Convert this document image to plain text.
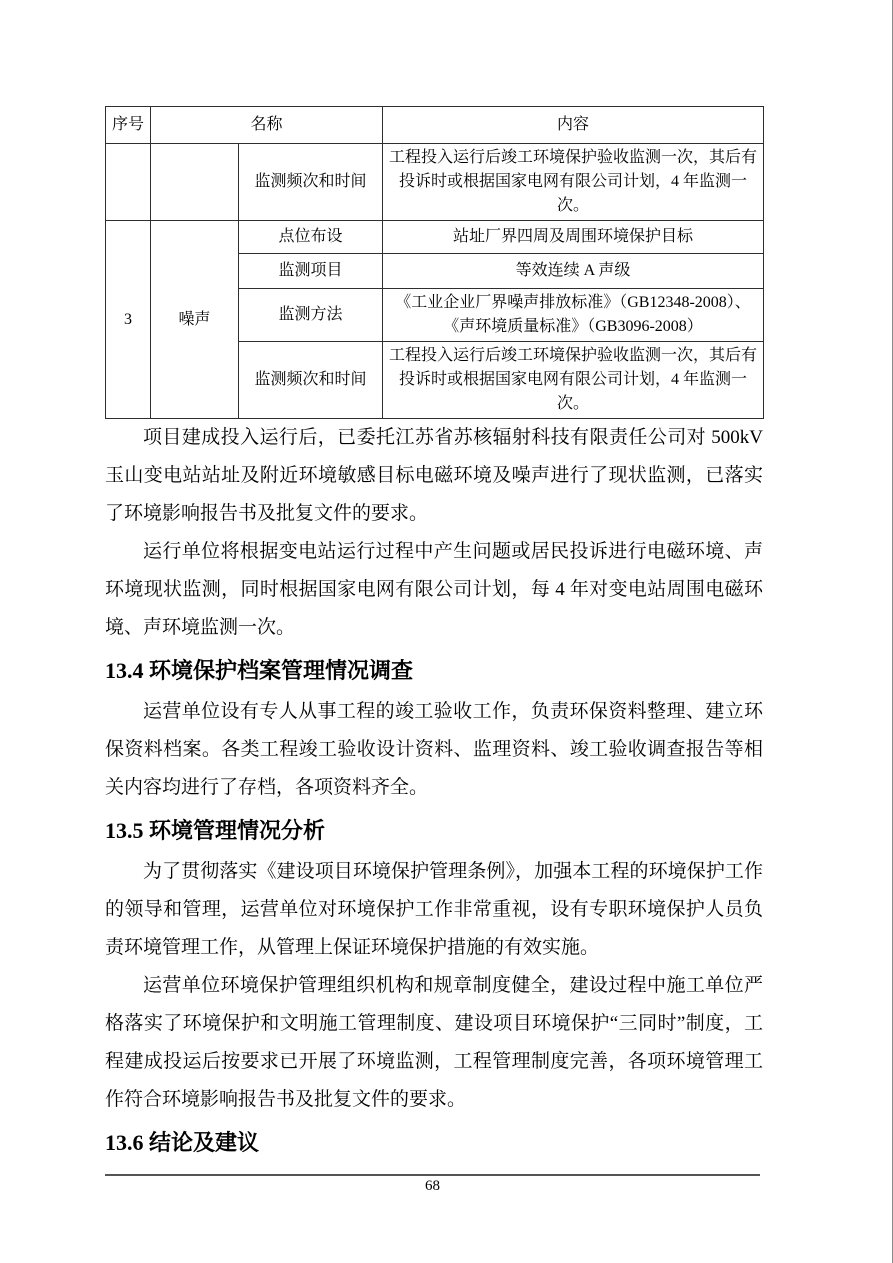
序号	名称		内容
		监测频次和时间	工程投入运行后竣工环境保护验收监测一次，其后有投诉时或根据国家电网有限公司计划，4 年监测一次。
3	噪声	点位布设	站址厂界四周及周围环境保护目标
		监测项目	等效连续 A 声级
		监测方法	《工业企业厂界噪声排放标准》（GB12348-2008）、《声环境质量标准》（GB3096-2008）
		监测频次和时间	工程投入运行后竣工环境保护验收监测一次，其后有投诉时或根据国家电网有限公司计划，4 年监测一次。

项目建成投入运行后，已委托江苏省苏核辐射科技有限责任公司对 500kV 玉山变电站站址及附近环境敏感目标电磁环境及噪声进行了现状监测，已落实了环境影响报告书及批复文件的要求。

运行单位将根据变电站运行过程中产生问题或居民投诉进行电磁环境、声环境现状监测，同时根据国家电网有限公司计划，每 4 年对变电站周围电磁环境、声环境监测一次。

13.4 环境保护档案管理情况调查

运营单位设有专人从事工程的竣工验收工作，负责环保资料整理、建立环保资料档案。各类工程竣工验收设计资料、监理资料、竣工验收调查报告等相关内容均进行了存档，各项资料齐全。

13.5 环境管理情况分析

为了贯彻落实《建设项目环境保护管理条例》，加强本工程的环境保护工作的领导和管理，运营单位对环境保护工作非常重视，设有专职环境保护人员负责环境管理工作，从管理上保证环境保护措施的有效实施。

运营单位环境保护管理组织机构和规章制度健全，建设过程中施工单位严格落实了环境保护和文明施工管理制度、建设项目环境保护“三同时”制度，工程建成投运后按要求已开展了环境监测，工程管理制度完善，各项环境管理工作符合环境影响报告书及批复文件的要求。

13.6 结论及建议
68
